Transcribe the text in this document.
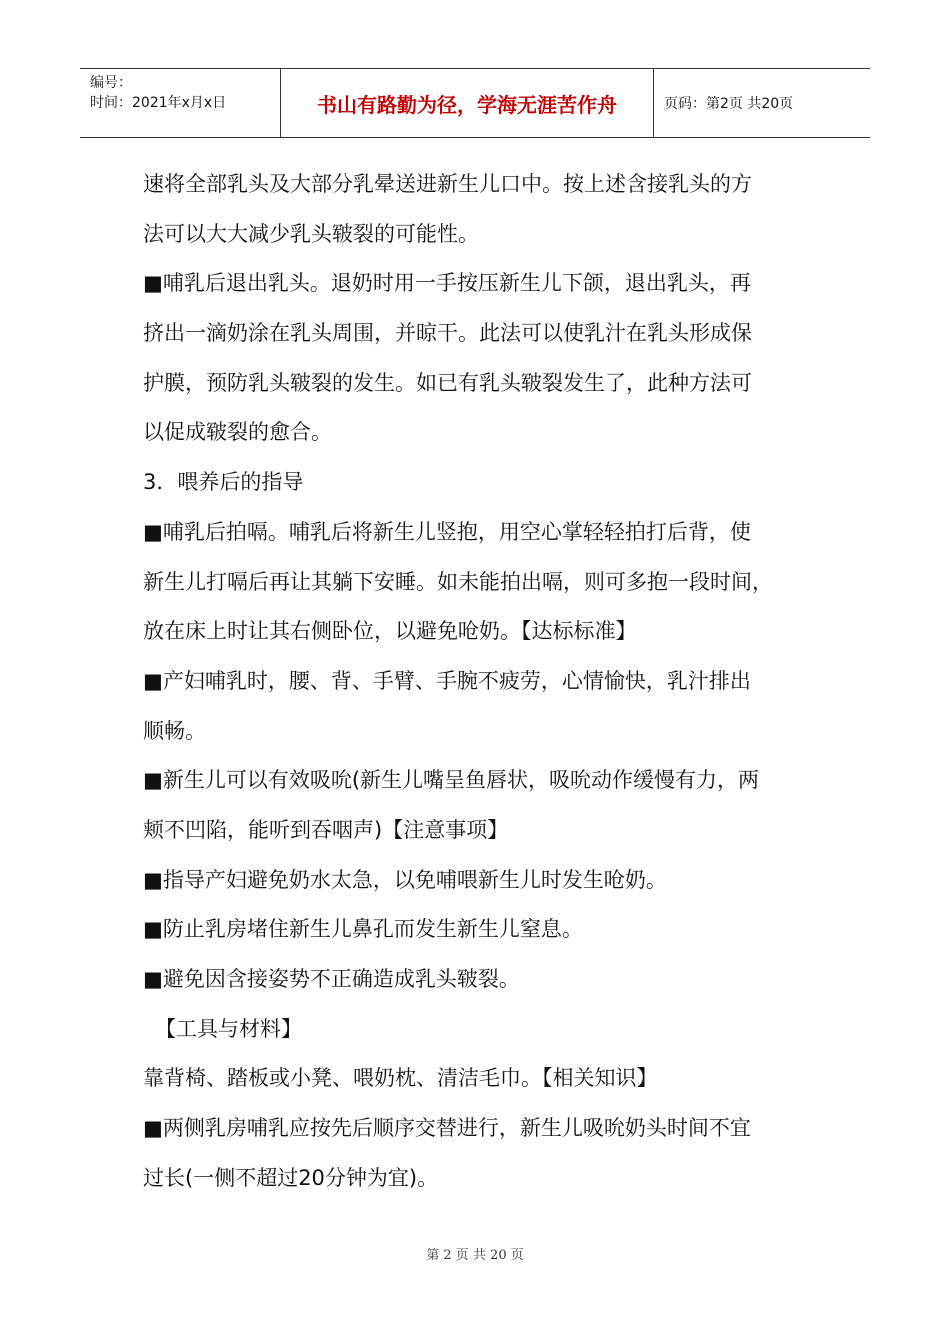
编号：
时间：2021年x月x日	书山有路勤为径，学海无涯苦作舟	页码：第2页 共20页
速将全部乳头及大部分乳晕送进新生儿口中。按上述含接乳头的方
法可以大大减少乳头皲裂的可能性。
■哺乳后退出乳头。退奶时用一手按压新生儿下颌，退出乳头，再
挤出一滴奶涂在乳头周围，并晾干。此法可以使乳汁在乳头形成保
护膜，预防乳头皲裂的发生。如已有乳头皲裂发生了，此种方法可
以促成皲裂的愈合。
3．喂养后的指导
■哺乳后拍嗝。哺乳后将新生儿竖抱，用空心掌轻轻拍打后背，使
新生儿打嗝后再让其躺下安睡。如未能拍出嗝，则可多抱一段时间，
放在床上时让其右侧卧位，以避免呛奶。【达标标准】
■产妇哺乳时，腰、背、手臂、手腕不疲劳，心情愉快，乳汁排出
顺畅。
■新生儿可以有效吸吮(新生儿嘴呈鱼唇状，吸吮动作缓慢有力，两
颊不凹陷，能听到吞咽声)【注意事项】
■指导产妇避免奶水太急，以免哺喂新生儿时发生呛奶。
■防止乳房堵住新生儿鼻孔而发生新生儿窒息。
■避免因含接姿势不正确造成乳头皲裂。
【工具与材料】
靠背椅、踏板或小凳、喂奶枕、清洁毛巾。【相关知识】
■两侧乳房哺乳应按先后顺序交替进行，新生儿吸吮奶头时间不宜
过长(一侧不超过20分钟为宜)。
第 2 页 共 20 页
